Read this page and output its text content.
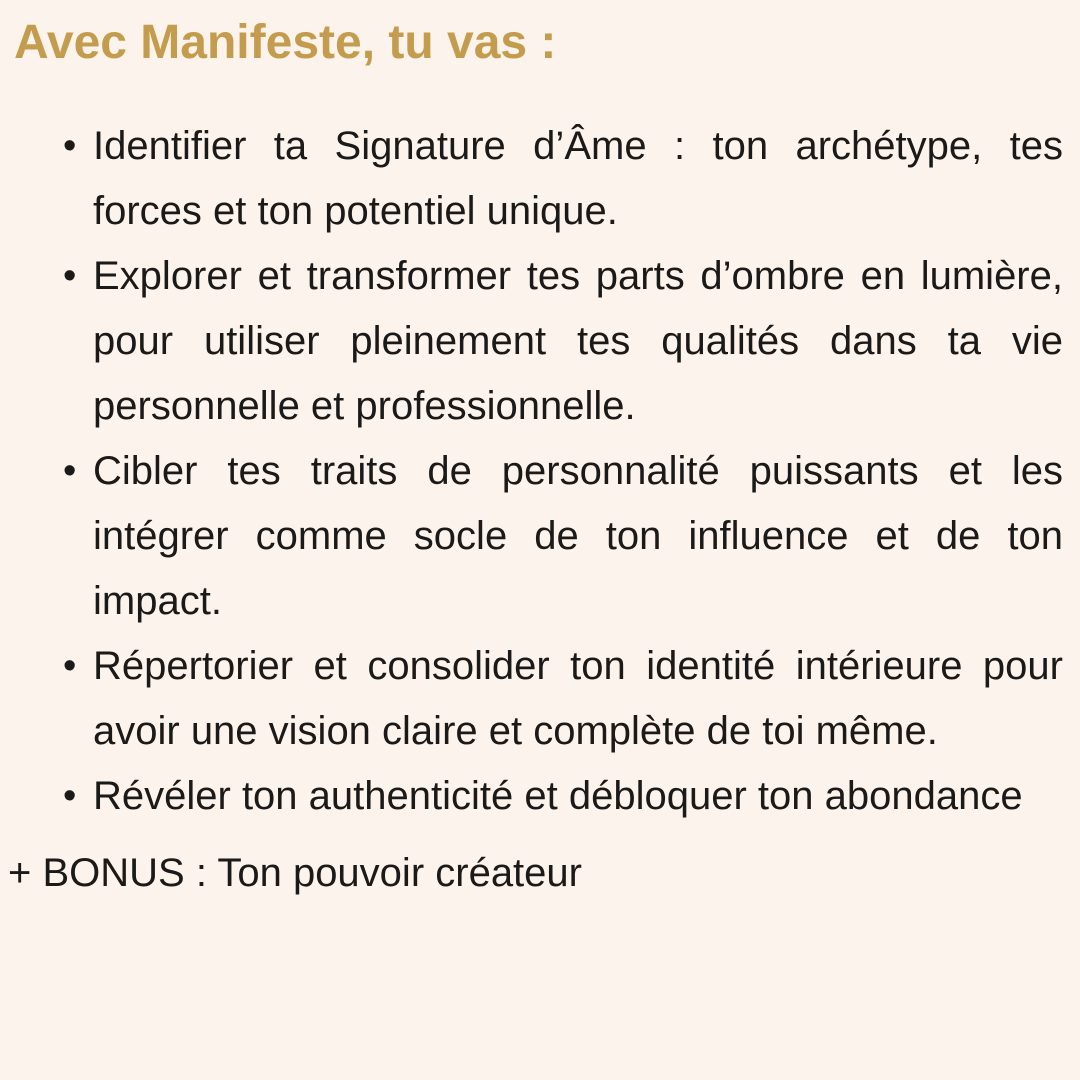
Avec Manifeste, tu vas :
• Identifier ta Signature d’Âme : ton archétype, tes forces et ton potentiel unique.
• Explorer et transformer tes parts d’ombre en lumière, pour utiliser pleinement tes qualités dans ta vie personnelle et professionnelle.
• Cibler tes traits de personnalité puissants et les intégrer comme socle de ton influence et de ton impact.
• Répertorier et consolider ton identité intérieure pour avoir une vision claire et complète de toi même.
• Révéler ton authenticité et débloquer ton abondance

+ BONUS : Ton pouvoir créateur
